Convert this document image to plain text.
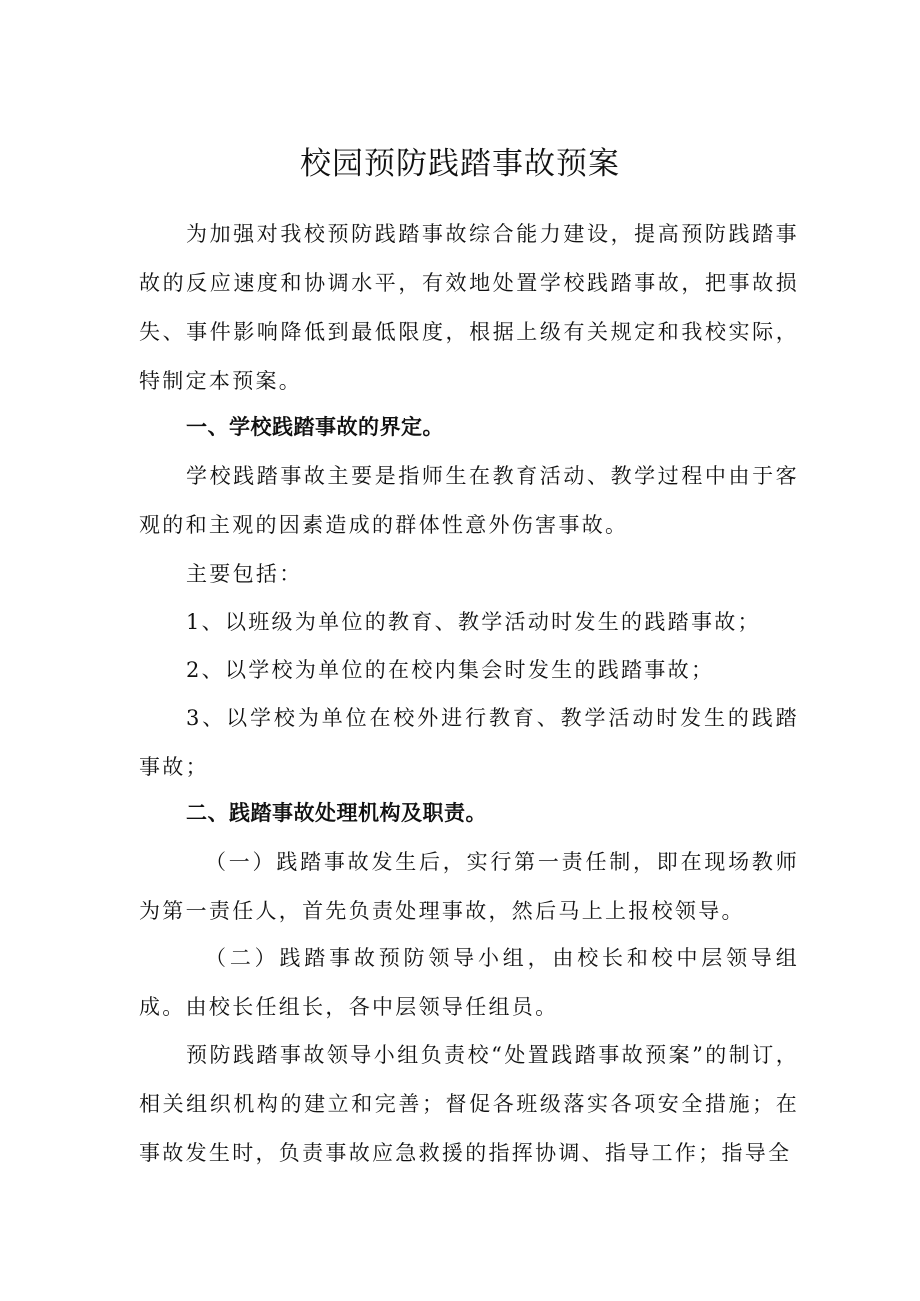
校园预防践踏事故预案

为加强对我校预防践踏事故综合能力建设，提高预防践踏事故的反应速度和协调水平，有效地处置学校践踏事故，把事故损失、事件影响降低到最低限度，根据上级有关规定和我校实际，特制定本预案。

一、学校践踏事故的界定。

学校践踏事故主要是指师生在教育活动、教学过程中由于客观的和主观的因素造成的群体性意外伤害事故。

主要包括：

1、以班级为单位的教育、教学活动时发生的践踏事故；

2、以学校为单位的在校内集会时发生的践踏事故；

3、以学校为单位在校外进行教育、教学活动时发生的践踏事故；

二、践踏事故处理机构及职责。

（一）践踏事故发生后，实行第一责任制，即在现场教师为第一责任人，首先负责处理事故，然后马上上报校领导。

（二）践踏事故预防领导小组，由校长和校中层领导组成。由校长任组长，各中层领导任组员。

预防践踏事故领导小组负责校“处置践踏事故预案”的制订，相关组织机构的建立和完善；督促各班级落实各项安全措施；在事故发生时，负责事故应急救援的指挥协调、指导工作；指导全
